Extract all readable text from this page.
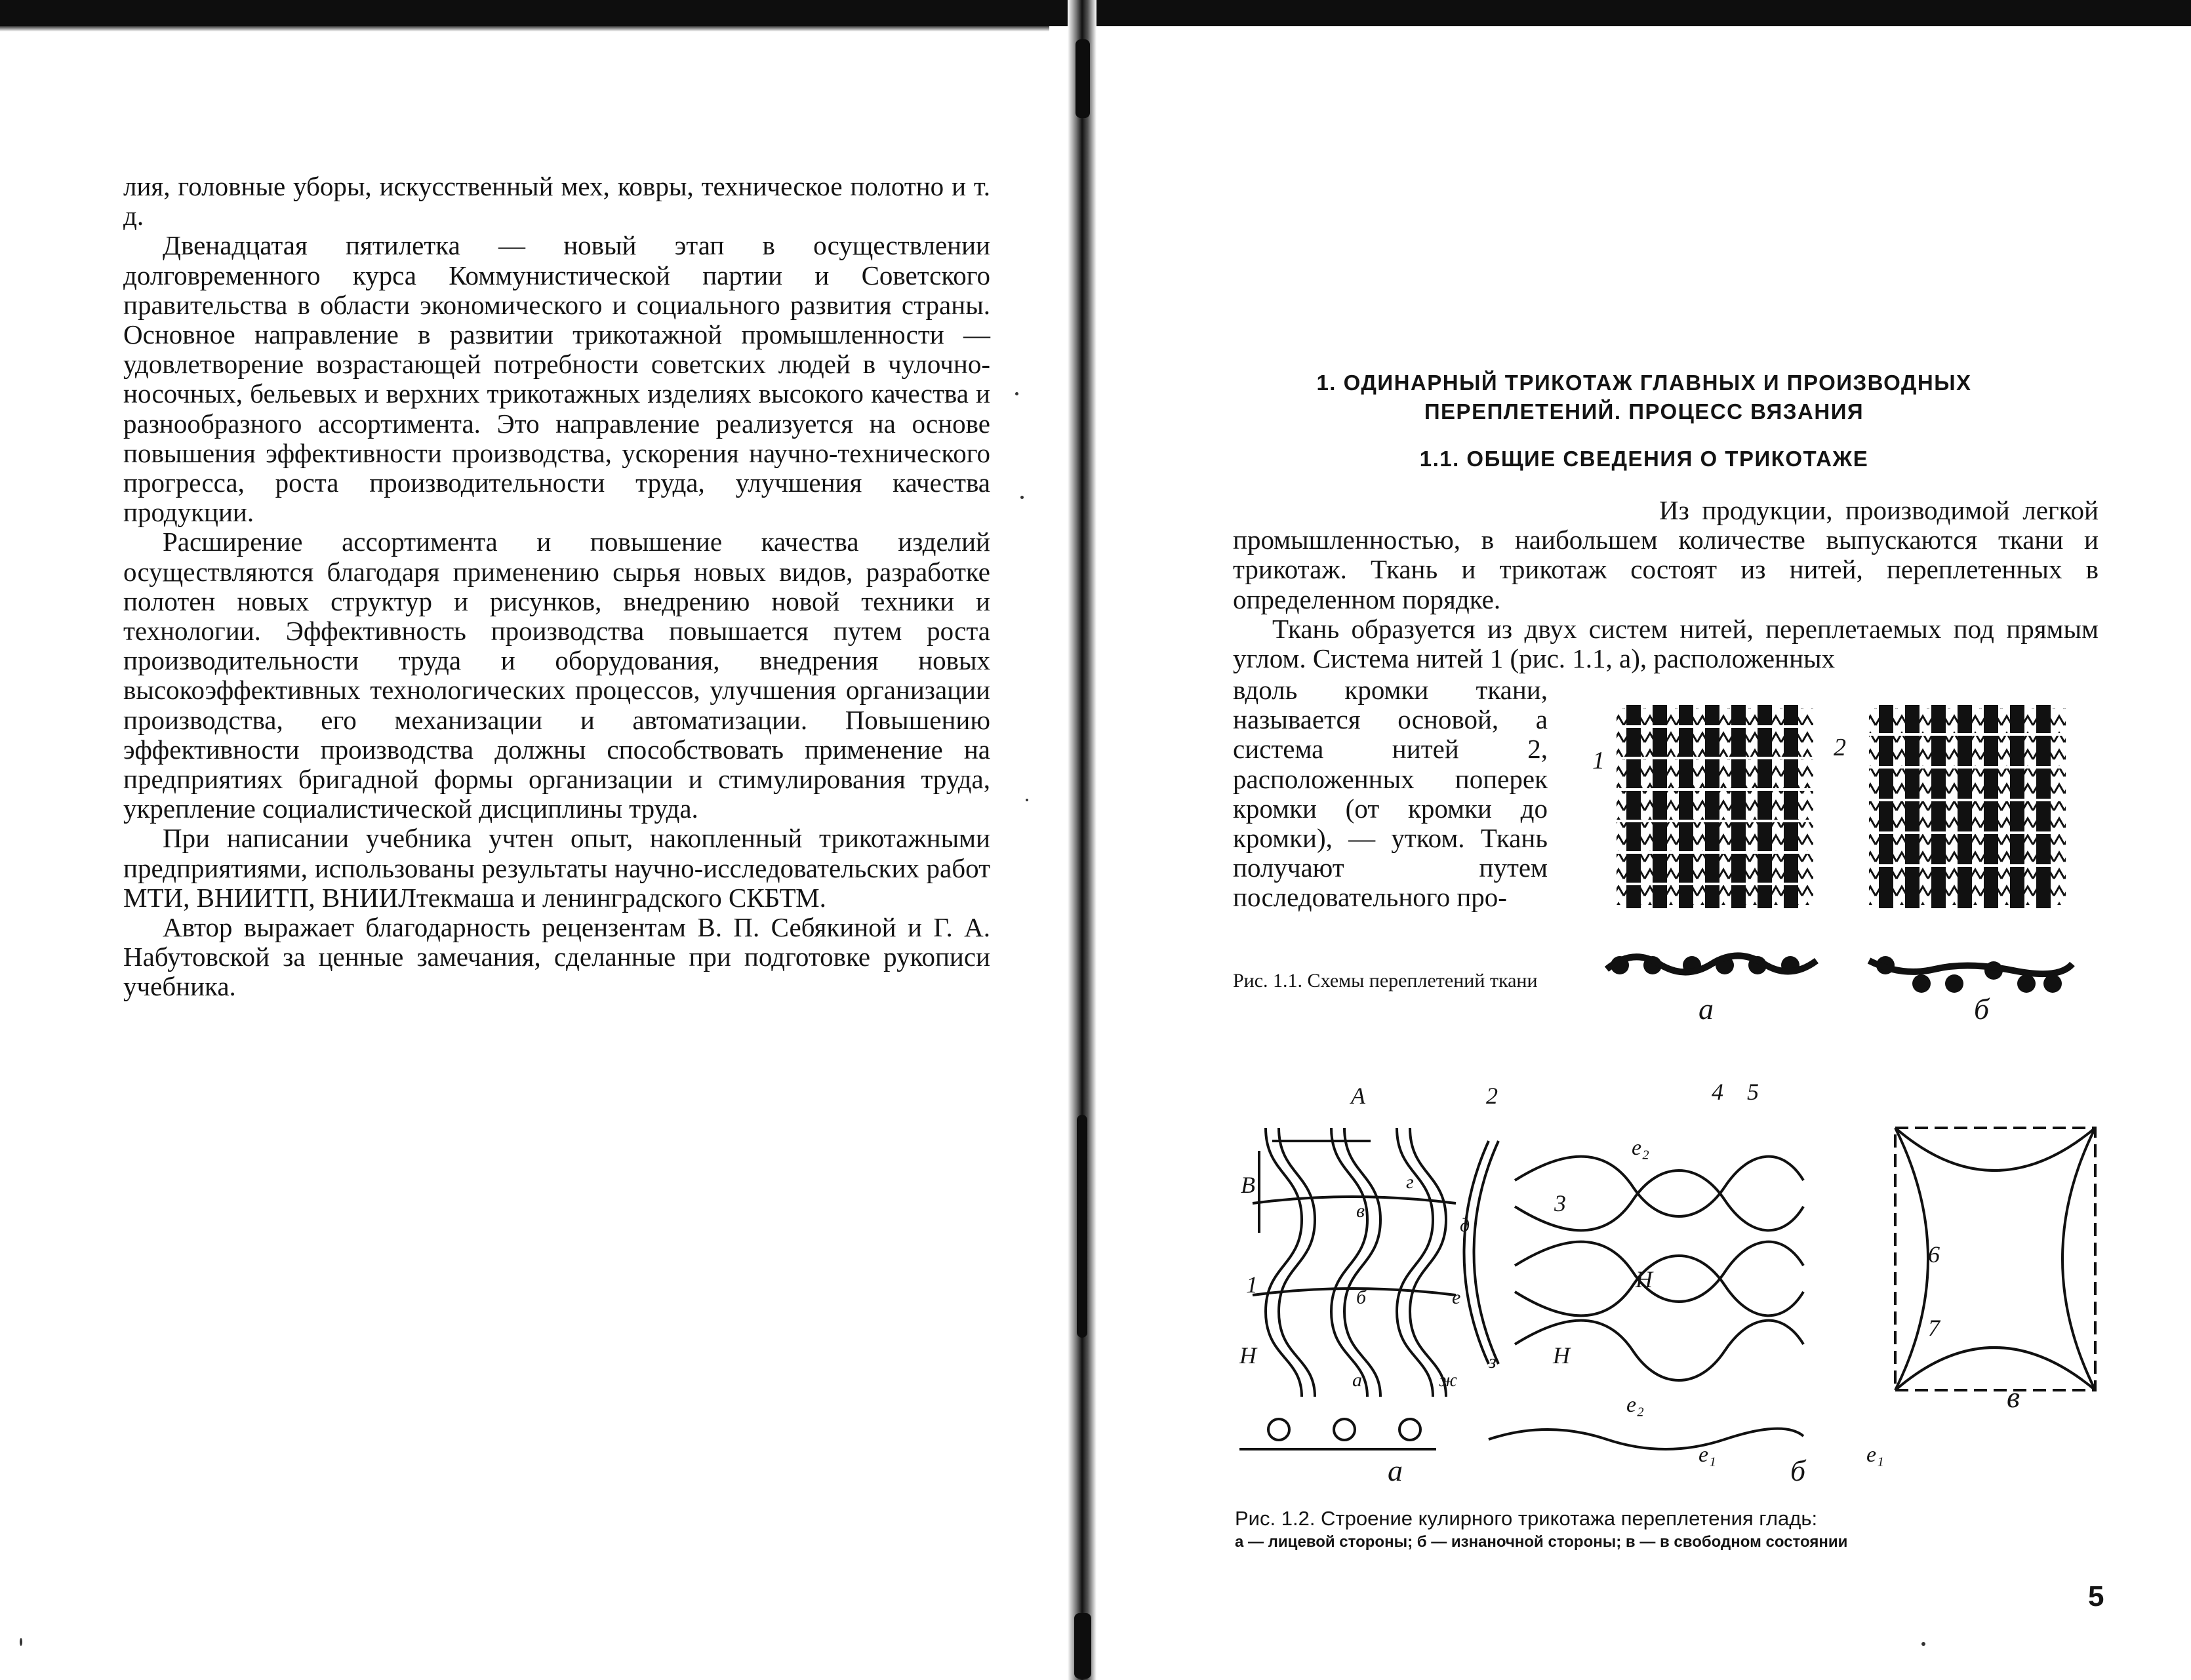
лия, головные уборы, искусственный мех, ковры, техническое полотно и т. д.

Двенадцатая пятилетка — новый этап в осуществлении долговременного курса Коммунистической партии и Советского правительства в области экономического и социального развития страны. Основное направление в развитии трикотажной промышленности — удовлетворение возрастающей потребности советских людей в чулочно-носочных, бельевых и верхних трикотажных изделиях высокого качества и разнообразного ассортимента. Это направление реализуется на основе повышения эффективности производства, ускорения научно-технического прогресса, роста производительности труда, улучшения качества продукции.

Расширение ассортимента и повышение качества изделий осуществляются благодаря применению сырья новых видов, разработке полотен новых структур и рисунков, внедрению новой техники и технологии. Эффективность производства повышается путем роста производительности труда и оборудования, внедрения новых высокоэффективных технологических процессов, улучшения организации производства, его механизации и автоматизации. Повышению эффективности производства должны способствовать применение на предприятиях бригадной формы организации и стимулирования труда, укрепление социалистической дисциплины труда.

При написании учебника учтен опыт, накопленный трикотажными предприятиями, использованы результаты научно-исследовательских работ МТИ, ВНИИТП, ВНИИЛтекмаша и ленинградского СКБТМ.

Автор выражает благодарность рецензентам В. П. Себякиной и Г. А. Набутовской за ценные замечания, сделанные при подготовке рукописи учебника.

1. ОДИНАРНЫЙ ТРИКОТАЖ ГЛАВНЫХ И ПРОИЗВОДНЫХ
ПЕРЕПЛЕТЕНИЙ. ПРОЦЕСС ВЯЗАНИЯ
1.1. ОБЩИЕ СВЕДЕНИЯ О ТРИКОТАЖЕ

Из продукции, производимой легкой промышленностью, в наибольшем количестве выпускаются ткани и трикотаж. Ткань и трикотаж состоят из нитей, переплетенных в определенном порядке.

Ткань образуется из двух систем нитей, переплетаемых под прямым углом. Система нитей 1 (рис. 1.1, а), расположенных

вдоль кромки ткани, называется основой, а система нитей 2, расположенных поперек кромки (от кромки до кромки), — утком. Ткань получают путем последовательного про-
1	2
а	б
Рис. 1.1. Схемы переплетений ткани
А
В
2
3
1
Н	Н
Н
4 5
6
7
е₂
е₂
е₁	е₁
в
г
д
б	е
а	ж
з
а	б
в
Рис. 1.2. Строение кулирного трикотажа переплетения гладь:
а — лицевой стороны; б — изнаночной стороны; в — в свободном состоянии
5
